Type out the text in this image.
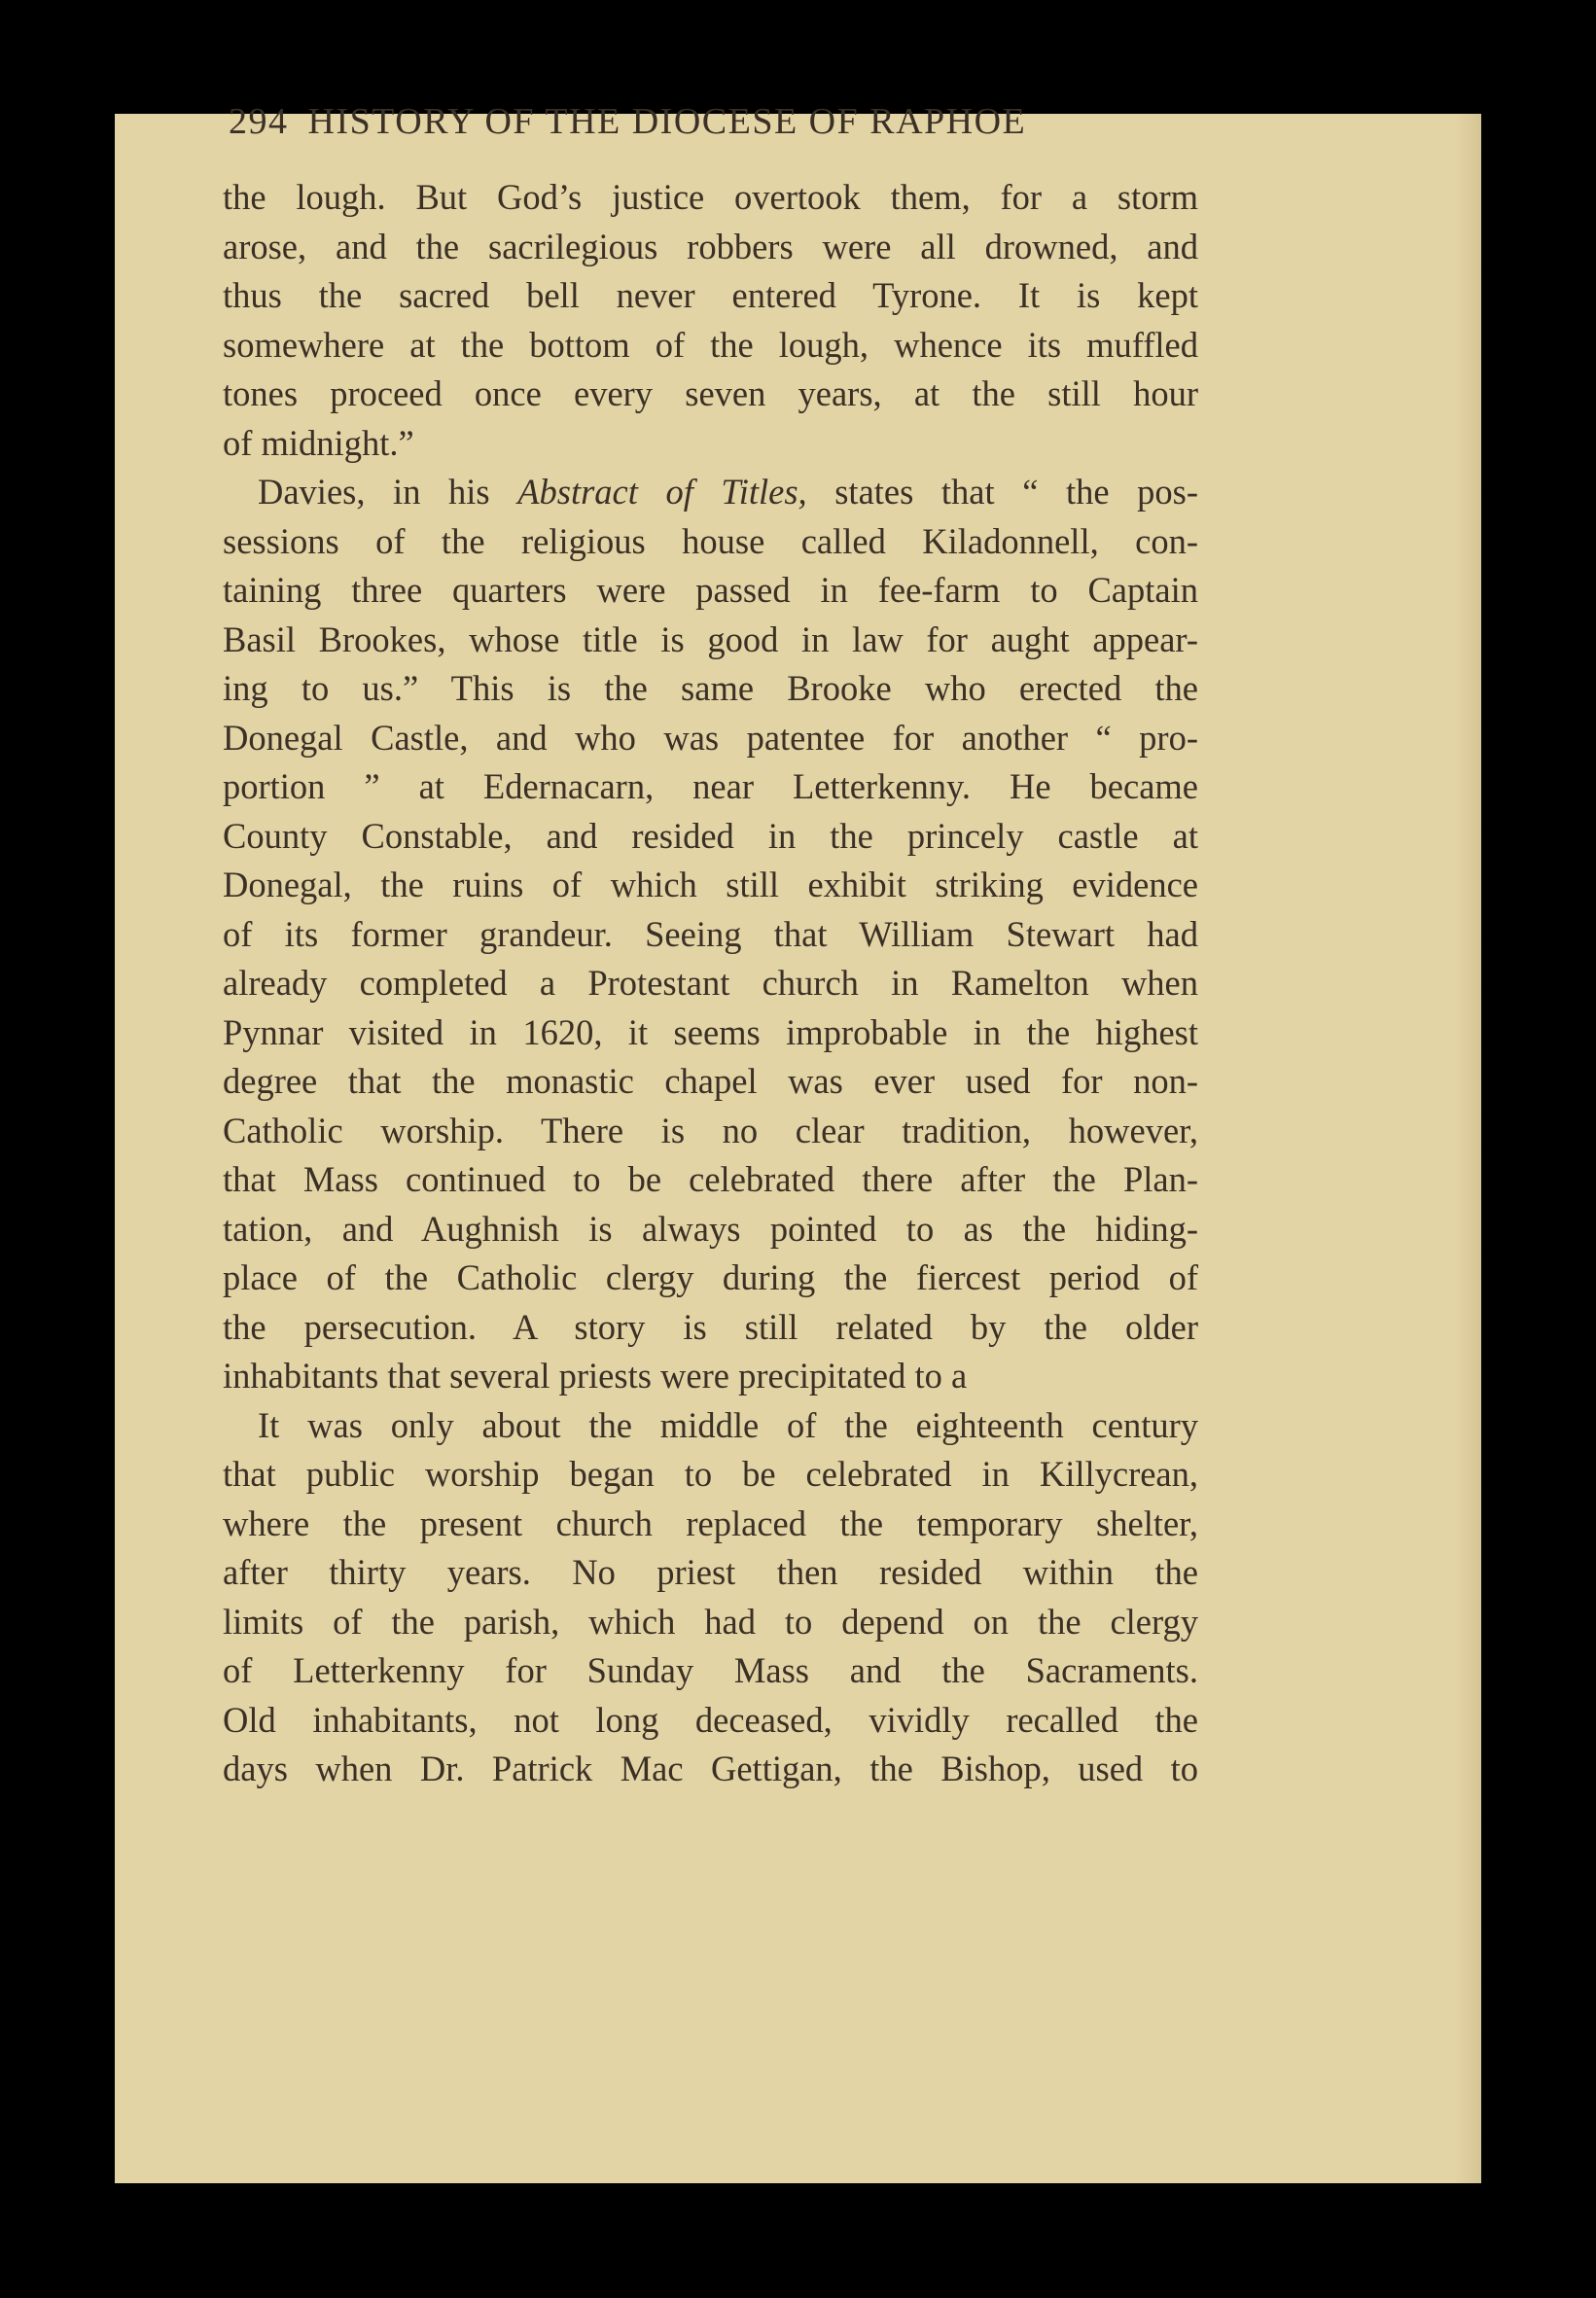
294 HISTORY OF THE DIOCESE OF RAPHOE

the lough. But God’s justice overtook them, for a storm
arose, and the sacrilegious robbers were all drowned, and
thus the sacred bell never entered Tyrone. It is kept
somewhere at the bottom of the lough, whence its muffled
tones proceed once every seven years, at the still hour
of midnight.”

Davies, in his Abstract of Titles, states that “ the pos-
sessions of the religious house called Kiladonnell, con-
taining three quarters were passed in fee-farm to Captain
Basil Brookes, whose title is good in law for aught appear-
ing to us.” This is the same Brooke who erected the
Donegal Castle, and who was patentee for another “ pro-
portion ” at Edernacarn, near Letterkenny. He became
County Constable, and resided in the princely castle at
Donegal, the ruins of which still exhibit striking evidence
of its former grandeur. Seeing that William Stewart had
already completed a Protestant church in Ramelton when
Pynnar visited in 1620, it seems improbable in the highest
degree that the monastic chapel was ever used for non-
Catholic worship. There is no clear tradition, however,
that Mass continued to be celebrated there after the Plan-
tation, and Aughnish is always pointed to as the hiding-
place of the Catholic clergy during the fiercest period of
the persecution. A story is still related by the older
inhabitants that several priests were precipitated to a

It was only about the middle of the eighteenth century
that public worship began to be celebrated in Killycrean,
where the present church replaced the temporary shelter,
after thirty years. No priest then resided within the
limits of the parish, which had to depend on the clergy
of Letterkenny for Sunday Mass and the Sacraments.
Old inhabitants, not long deceased, vividly recalled the
days when Dr. Patrick Mac Gettigan, the Bishop, used to
